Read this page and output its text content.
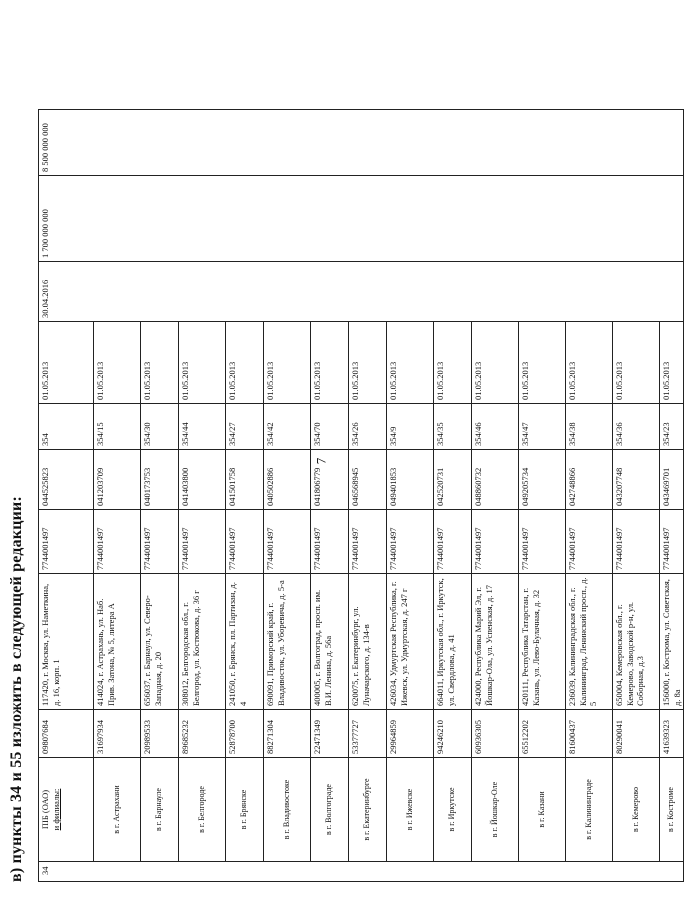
7
в) пункты 34 и 55 изложить в следующей редакции: 34	ПІБ (ОАО) и филиалы:	09807684	117420, г. Москва, ул. Наметкина, д. 16, корп. 1	7744001497	044525823	354	01.05.2013	30.04.2016	1 700 000 000	8 500 000 000
	в г. Астрахани	31697934	414024, г. Астрахань, ул. Наб. Прив. Затона, № 5, литера А	7744001497	041203709	354/15	01.05.2013			
	в г. Барнауле	20989533	656037, г. Барнаул, ул. Северо-Западная, д. 20	7744001497	040173753	354/30	01.05.2013			
	в г. Белгороде	89685232	308012, Белгородская обл., г. Белгород, ул. Костюкова, д. 36 г	7744001497	041403800	354/44	01.05.2013			
	в г. Брянске	52878700	241050, г. Брянск, пл. Партизан, д. 4	7744001497	041501758	354/27	01.05.2013			
	в г. Владивостоке	88271304	690091, Приморский край, г. Владивосток, ул. Уборевича, д. 5-а	7744001497	040502886	354/42	01.05.2013			
	в г. Волгограде	22471349	400005, г. Волгоград, просп. им. В.И. Ленина, д. 56а	7744001497	041806779	354/70	01.05.2013			
	в г. Екатеринбурге	53377727	620075, г. Екатеринбург, ул. Луначарского, д. 134-в	7744001497	046568945	354/26	01.05.2013			
	в г. Ижевске	29964859	426034, Удмуртская Республика, г. Ижевск, ул. Удмуртская, д. 247 г	7744001497	049401853	354/9	01.05.2013			
	в г. Иркутске	94246210	664011, Иркутская обл., г. Иркутск, ул. Свердлова, д. 41	7744001497	042520731	354/35	01.05.2013			
	в г. Йошкар-Оле	60936305	424000, Республика Марий Эл, г. Йошкар-Ола, ул. Успенская, д. 17	7744001497	048860732	354/46	01.05.2013			
	в г. Казани	65512202	420111, Республика Татарстан, г. Казань, ул. Лево-Булачная, д. 32	7744001497	049205734	354/47	01.05.2013			
	в г. Калининграде	81600437	236039, Калининградская обл., г. Калининград, Ленинский просп., д. 5	7744001497	042748866	354/38	01.05.2013			
	в г. Кемерово	80290041	650004, Кемеровская обл., г. Кемерово, Заводской р-н, ул. Соборная, д.3	7744001497	043207748	354/36	01.05.2013			
	в г. Костроме	41639323	156000, г. Кострома, ул. Советская, д. 8а	7744001497	043469701	354/23	01.05.2013			
